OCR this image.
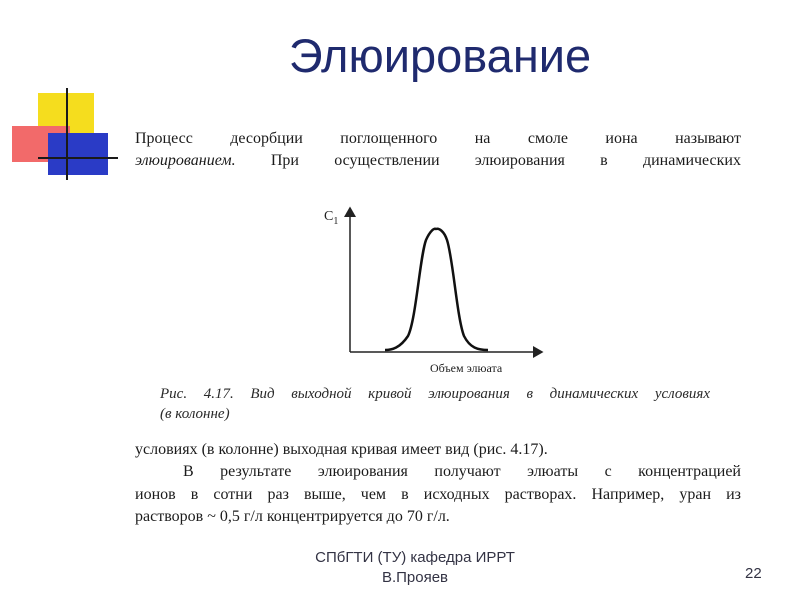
Элюирование
Процесс десорбции поглощенного на смоле иона называют
элюированием. При осуществлении элюирования в динамических
$C_1$
Объем элюата
Рис. 4.17. Вид выходной кривой элюирования в динамических условиях
(в колонне)
условиях (в колонне) выходная кривая имеет вид (рис. 4.17).
В результате элюирования получают элюаты с концентрацией
ионов в сотни раз выше, чем в исходных растворах. Например, уран из
растворов ~ 0,5 г/л концентрируется до 70 г/л.
СПбГТИ (ТУ) кафедра ИРРТ
В.Прояев	22
